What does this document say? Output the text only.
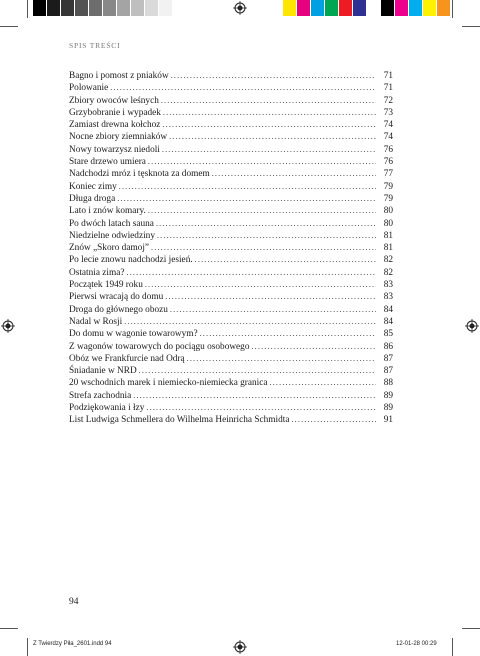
SPIS TREŚCI
Bagno i pomost z pniaków .....	71
Polowanie .....	71
Zbiory owoców leśnych .....	72
Grzybobranie i wypadek .....	73
Zamiast drewna kołchoz .....	74
Nocne zbiory ziemniaków .....	74
Nowy towarzysz niedoli .....	76
Stare drzewo umiera .....	76
Nadchodzi mróz i tęsknota za domem .....	77
Koniec zimy .....	79
Długa droga .....	79
Lato i znów komary. .....	80
Po dwóch latach sauna .....	80
Niedzielne odwiedziny .....	81
Znów „Skoro damoj” .....	81
Po lecie znowu nadchodzi jesień. .....	82
Ostatnia zima? .....	82
Początek 1949 roku .....	83
Pierwsi wracają do domu .....	83
Droga do głównego obozu .....	84
Nadal w Rosji .....	84
Do domu w wagonie towarowym? .....	85
Z wagonów towarowych do pociągu osobowego .....	86
Obóz we Frankfurcie nad Odrą .....	87
Śniadanie w NRD .....	87
20 wschodnich marek i niemiecko-niemiecka granica .....	88
Strefa zachodnia .....	89
Podziękowania i łzy .....	89
List Ludwiga Schmellera do Wilhelma Heinricha Schmidta .....	91
94
Z Twierdzy Piła_2601.indd 94	12-01-28 00:29
